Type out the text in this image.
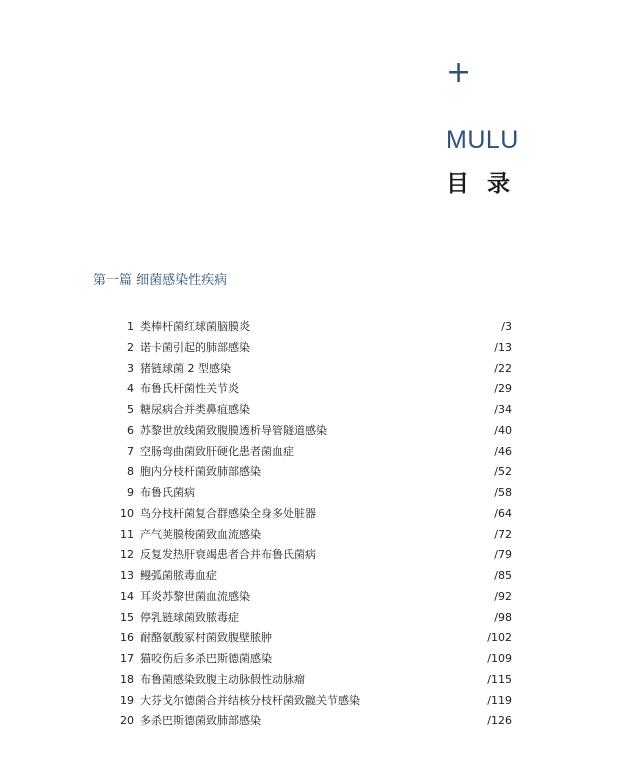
+
MULU
目录
第一篇 细菌感染性疾病
1 类棒杆菌红球菌脑膜炎	/3
2 诺卡菌引起的肺部感染	/13
3 猪链球菌 2 型感染	/22
4 布鲁氏杆菌性关节炎	/29
5 糖尿病合并类鼻疽感染	/34
6 苏黎世放线菌致腹膜透析导管隧道感染	/40
7 空肠弯曲菌致肝硬化患者菌血症	/46
8 胞内分枝杆菌致肺部感染	/52
9 布鲁氏菌病	/58
10 鸟分枝杆菌复合群感染全身多处脏器	/64
11 产气荚膜梭菌致血流感染	/72
12 反复发热肝衰竭患者合并布鲁氏菌病	/79
13 鳗弧菌脓毒血症	/85
14 耳炎苏黎世菌血流感染	/92
15 停乳链球菌致脓毒症	/98
16 耐酪氨酸冢村菌致腹壁脓肿	/102
17 猫咬伤后多杀巴斯德菌感染	/109
18 布鲁菌感染致腹主动脉假性动脉瘤	/115
19 大芬戈尔德菌合并结核分枝杆菌致髋关节感染	/119
20 多杀巴斯德菌致肺部感染	/126
